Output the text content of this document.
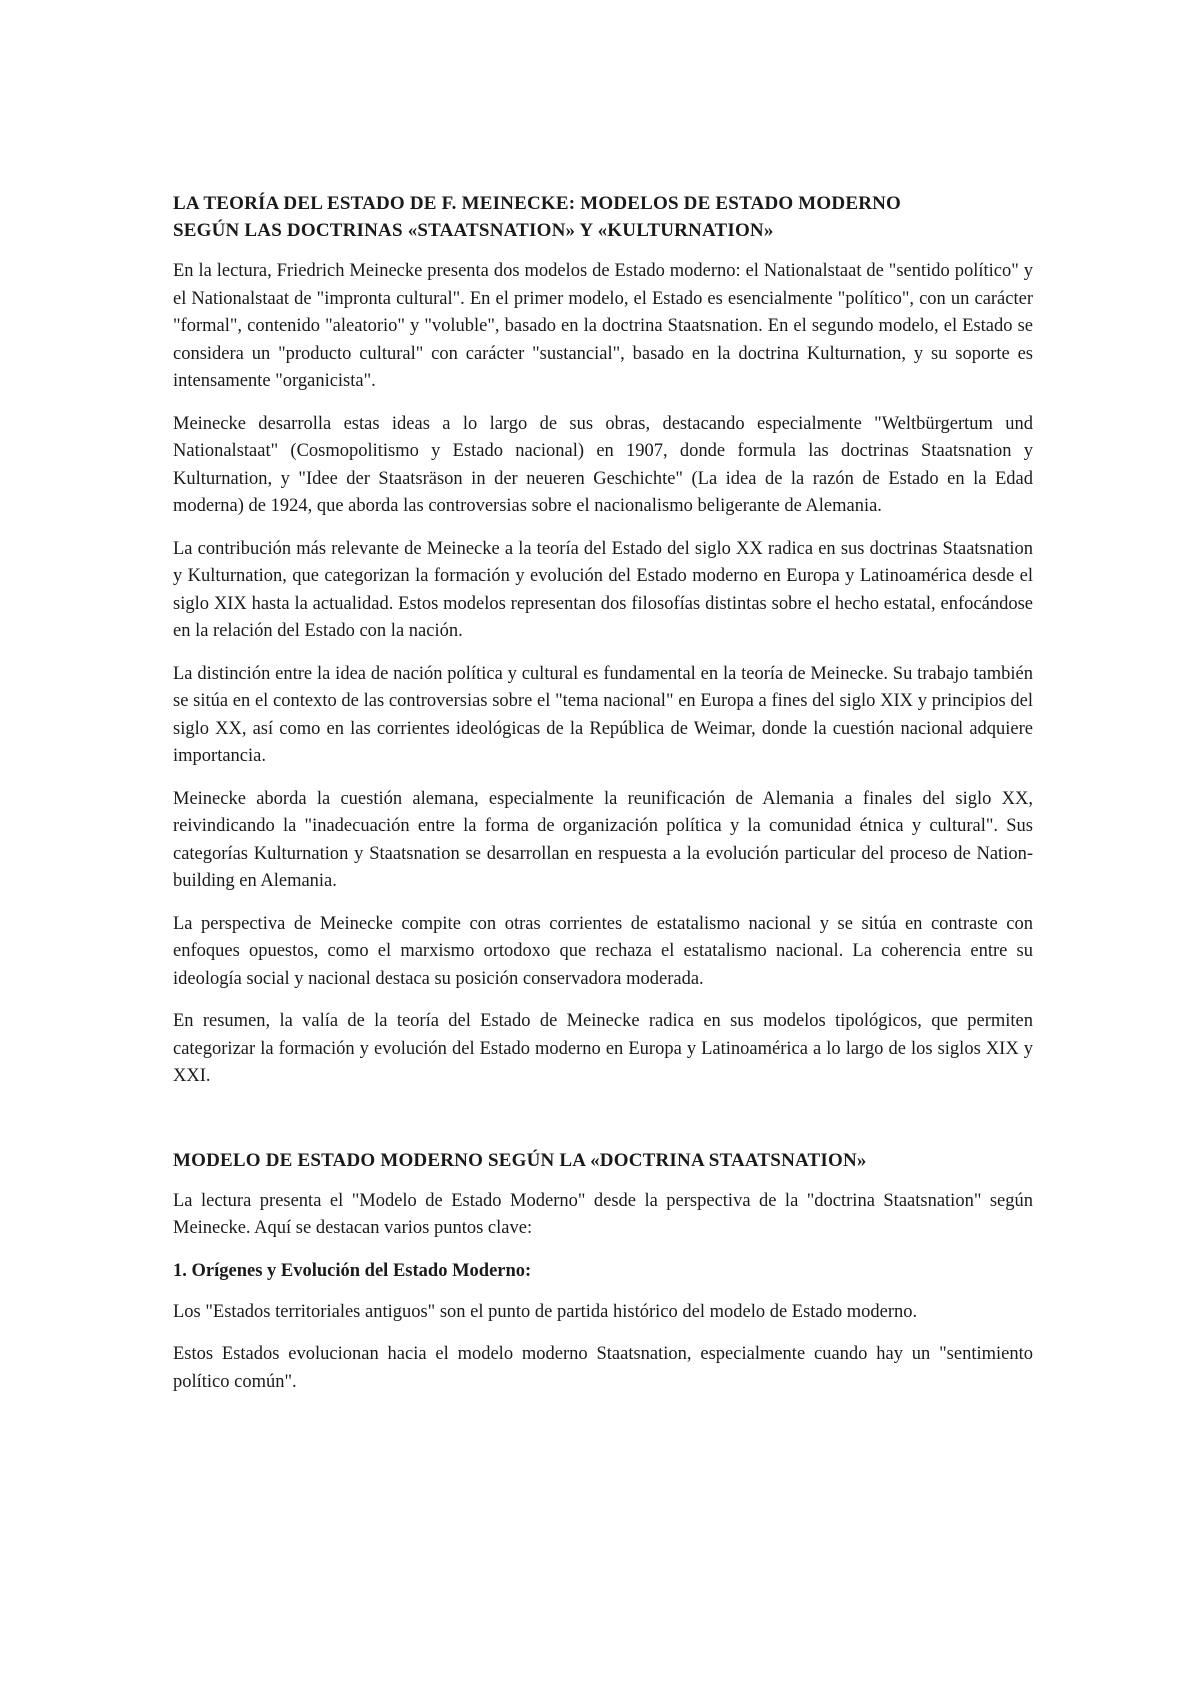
LA TEORÍA DEL ESTADO DE F. MEINECKE: MODELOS DE ESTADO MODERNO
SEGÚN LAS DOCTRINAS «STAATSNATION» Y «KULTURNATION»

En la lectura, Friedrich Meinecke presenta dos modelos de Estado moderno: el Nationalstaat de "sentido político" y el Nationalstaat de "impronta cultural". En el primer modelo, el Estado es esencialmente "político", con un carácter "formal", contenido "aleatorio" y "voluble", basado en la doctrina Staatsnation. En el segundo modelo, el Estado se considera un "producto cultural" con carácter "sustancial", basado en la doctrina Kulturnation, y su soporte es intensamente "organicista".

Meinecke desarrolla estas ideas a lo largo de sus obras, destacando especialmente "Weltbürgertum und Nationalstaat" (Cosmopolitismo y Estado nacional) en 1907, donde formula las doctrinas Staatsnation y Kulturnation, y "Idee der Staatsräson in der neueren Geschichte" (La idea de la razón de Estado en la Edad moderna) de 1924, que aborda las controversias sobre el nacionalismo beligerante de Alemania.

La contribución más relevante de Meinecke a la teoría del Estado del siglo XX radica en sus doctrinas Staatsnation y Kulturnation, que categorizan la formación y evolución del Estado moderno en Europa y Latinoamérica desde el siglo XIX hasta la actualidad. Estos modelos representan dos filosofías distintas sobre el hecho estatal, enfocándose en la relación del Estado con la nación.

La distinción entre la idea de nación política y cultural es fundamental en la teoría de Meinecke. Su trabajo también se sitúa en el contexto de las controversias sobre el "tema nacional" en Europa a fines del siglo XIX y principios del siglo XX, así como en las corrientes ideológicas de la República de Weimar, donde la cuestión nacional adquiere importancia.

Meinecke aborda la cuestión alemana, especialmente la reunificación de Alemania a finales del siglo XX, reivindicando la "inadecuación entre la forma de organización política y la comunidad étnica y cultural". Sus categorías Kulturnation y Staatsnation se desarrollan en respuesta a la evolución particular del proceso de Nation-building en Alemania.

La perspectiva de Meinecke compite con otras corrientes de estatalismo nacional y se sitúa en contraste con enfoques opuestos, como el marxismo ortodoxo que rechaza el estatalismo nacional. La coherencia entre su ideología social y nacional destaca su posición conservadora moderada.

En resumen, la valía de la teoría del Estado de Meinecke radica en sus modelos tipológicos, que permiten categorizar la formación y evolución del Estado moderno en Europa y Latinoamérica a lo largo de los siglos XIX y XXI.

MODELO DE ESTADO MODERNO SEGÚN LA «DOCTRINA STAATSNATION»

La lectura presenta el "Modelo de Estado Moderno" desde la perspectiva de la "doctrina Staatsnation" según Meinecke. Aquí se destacan varios puntos clave:

1. Orígenes y Evolución del Estado Moderno:

Los "Estados territoriales antiguos" son el punto de partida histórico del modelo de Estado moderno.

Estos Estados evolucionan hacia el modelo moderno Staatsnation, especialmente cuando hay un "sentimiento político común".
